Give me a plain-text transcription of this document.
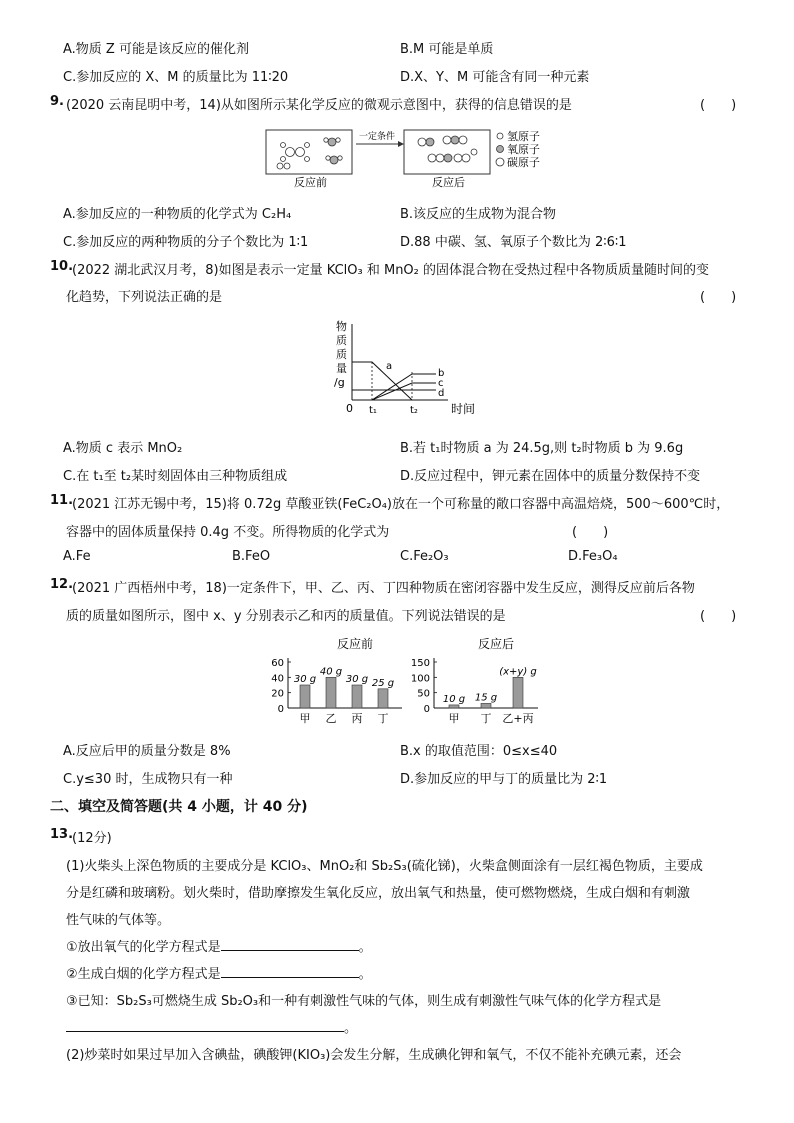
A.物质 Z 可能是该反应的催化剂	B.M 可能是单质
C.参加反应的 X、M 的质量比为 11∶20	D.X、Y、M 可能含有同一种元素
9. (2020 云南昆明中考，14)从如图所示某化学反应的微观示意图中，获得的信息错误的是	(　　)
反应前
一定条件
反应后
氢原子
氧原子
碳原子
A.参加反应的一种物质的化学式为 C₂H₄	B.该反应的生成物为混合物
C.参加反应的两种物质的分子个数比为 1∶1	D.88 中碳、氢、氧原子个数比为 2∶6∶1
10.
(2022 湖北武汉月考，8)如图是表示一定量 KClO₃ 和 MnO₂ 的固体混合物在受热过程中各物质质量随时间的变
化趋势，下列说法正确的是	(　　)
物
质
质
量
/g
0	时间
t₁	t₂
a
b
c
d
A.物质 c 表示 MnO₂	B.若 t₁时物质 a 为 24.5g,则 t₂时物质 b 为 9.6g
C.在 t₁至 t₂某时刻固体由三种物质组成	D.反应过程中，钾元素在固体中的质量分数保持不变
11.
(2021 江苏无锡中考，15)将 0.72g 草酸亚铁(FeC₂O₄)放在一个可称量的敞口容器中高温焙烧，500～600℃时，
容器中的固体质量保持 0.4g 不变。所得物质的化学式为	(　　)
A.Fe	B.FeO	C.Fe₂O₃	D.Fe₃O₄
12.
(2021 广西梧州中考，18)一定条件下，甲、乙、丙、丁四种物质在密闭容器中发生反应，测得反应前后各物
质的质量如图所示，图中 x、y 分别表示乙和丙的质量值。下列说法错误的是	(　　)
反应前
60
40
20
0
30 g
甲
40 g
乙
30 g
丙
25 g
丁
反应后
150
100
50
0
10 g
甲
15 g
丁
(x+y) g
乙+丙
A.反应后甲的质量分数是 8%	B.x 的取值范围：0≤x≤40
C.y≤30 时，生成物只有一种	D.参加反应的甲与丁的质量比为 2∶1
二、填空及简答题(共 4 小题，计 40 分)
13.
(12分)
(1)火柴头上深色物质的主要成分是 KClO₃、MnO₂和 Sb₂S₃(硫化锑)，火柴盒侧面涂有一层红褐色物质，主要成
分是红磷和玻璃粉。划火柴时，借助摩擦发生氧化反应，放出氧气和热量，使可燃物燃烧，生成白烟和有刺激
性气味的气体等。
①放出氧气的化学方程式是	。
②生成白烟的化学方程式是	。
③已知：Sb₂S₃可燃烧生成 Sb₂O₃和一种有刺激性气味的气体，则生成有刺激性气味气体的化学方程式是
。
(2)炒菜时如果过早加入含碘盐，碘酸钾(KIO₃)会发生分解，生成碘化钾和氧气，不仅不能补充碘元素，还会
